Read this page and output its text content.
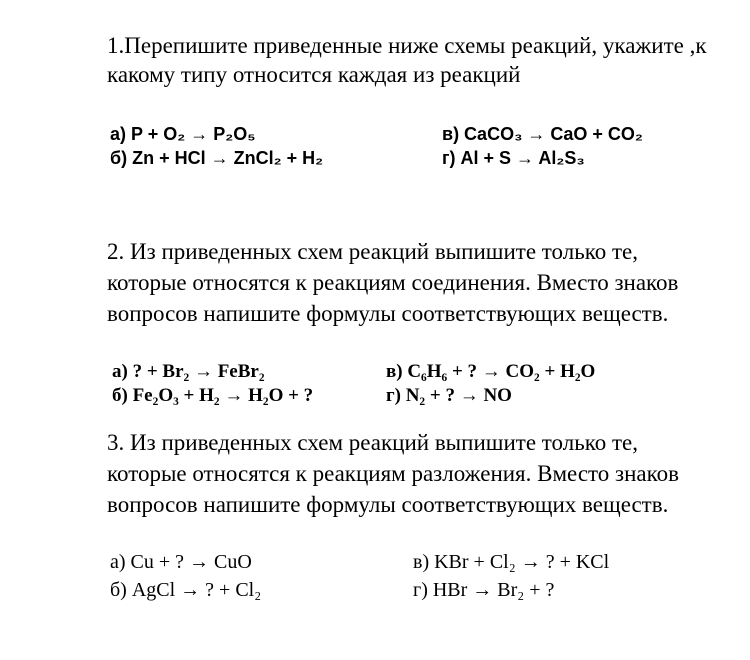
1.Перепишите приведенные ниже схемы реакций, укажите ,к какому типу относится каждая из реакций
а) P + O₂ → P₂O₅
б) Zn + HCl → ZnCl₂ + H₂
в) CaCO₃ → CaO + CO₂
г) Al + S → Al₂S₃
2. Из приведенных схем реакций выпишите только те, которые относятся к реакциям соединения. Вместо знаков вопросов напишите формулы соответствующих веществ.
а) ? + Br₂ → FeBr₂
б) Fe₂O₃ + H₂ → H₂O + ?
в) C₆H₆ + ? → CO₂ + H₂O
г) N₂ + ? → NO
3. Из приведенных схем реакций выпишите только те, которые относятся к реакциям разложения. Вместо знаков вопросов напишите формулы соответствующих веществ.
а) Cu + ? → CuO
б) AgCl → ? + Cl₂
в) KBr + Cl₂ → ? + KCl
г) HBr → Br₂ + ?
